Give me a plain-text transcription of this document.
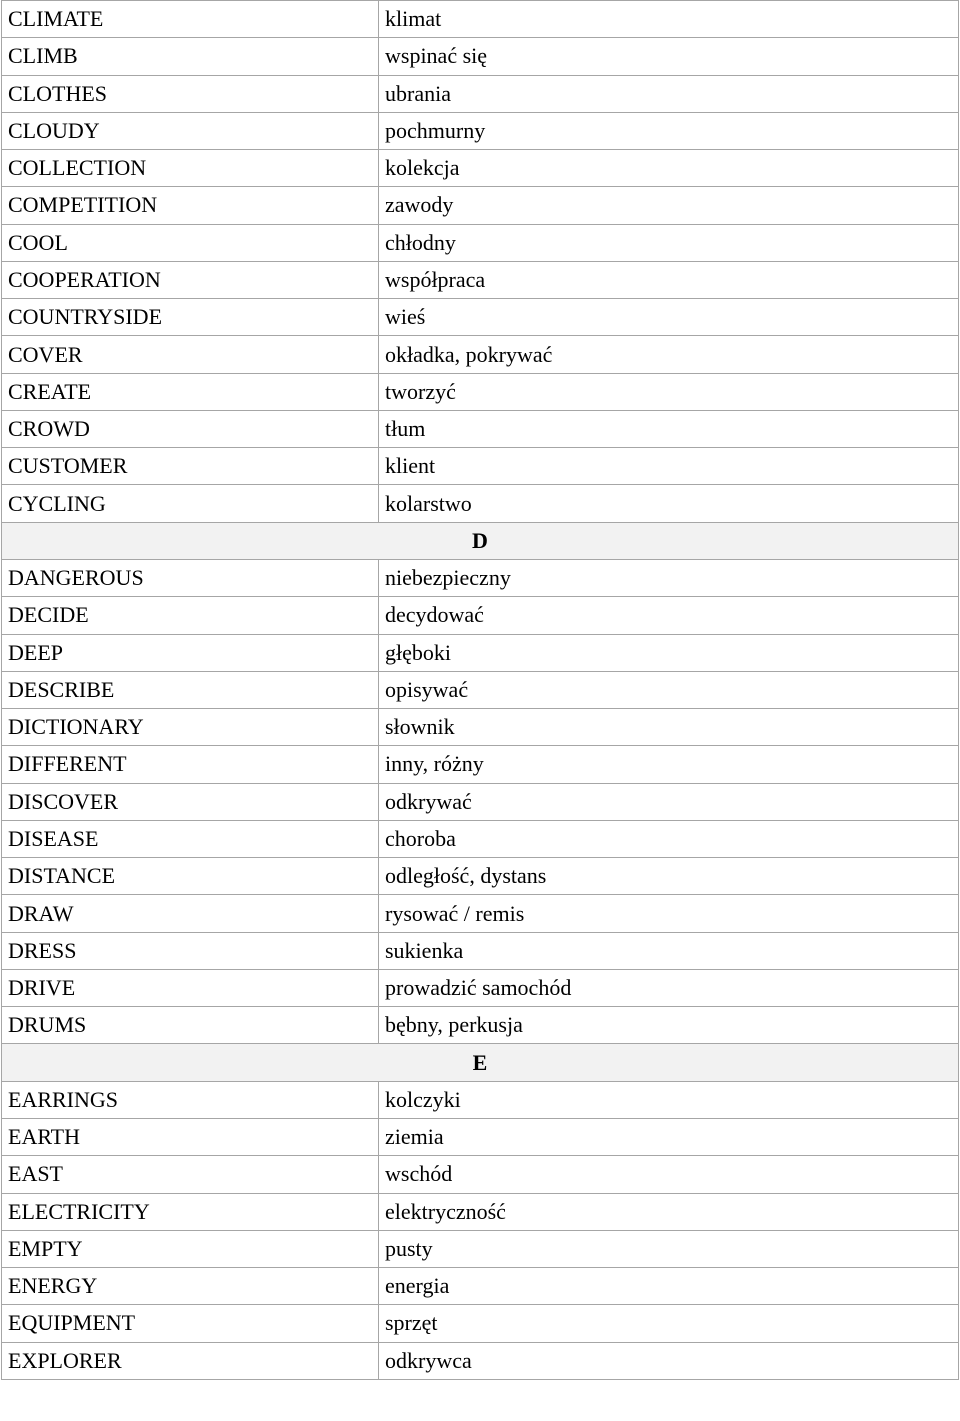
CLIMATE	klimat
CLIMB	wspinać się
CLOTHES	ubrania
CLOUDY	pochmurny
COLLECTION	kolekcja
COMPETITION	zawody
COOL	chłodny
COOPERATION	współpraca
COUNTRYSIDE	wieś
COVER	okładka, pokrywać
CREATE	tworzyć
CROWD	tłum
CUSTOMER	klient
CYCLING	kolarstwo
D	
DANGEROUS	niebezpieczny
DECIDE	decydować
DEEP	głęboki
DESCRIBE	opisywać
DICTIONARY	słownik
DIFFERENT	inny, różny
DISCOVER	odkrywać
DISEASE	choroba
DISTANCE	odległość, dystans
DRAW	rysować / remis
DRESS	sukienka
DRIVE	prowadzić samochód
DRUMS	bębny, perkusja
E	
EARRINGS	kolczyki
EARTH	ziemia
EAST	wschód
ELECTRICITY	elektryczność
EMPTY	pusty
ENERGY	energia
EQUIPMENT	sprzęt
EXPLORER	odkrywca
